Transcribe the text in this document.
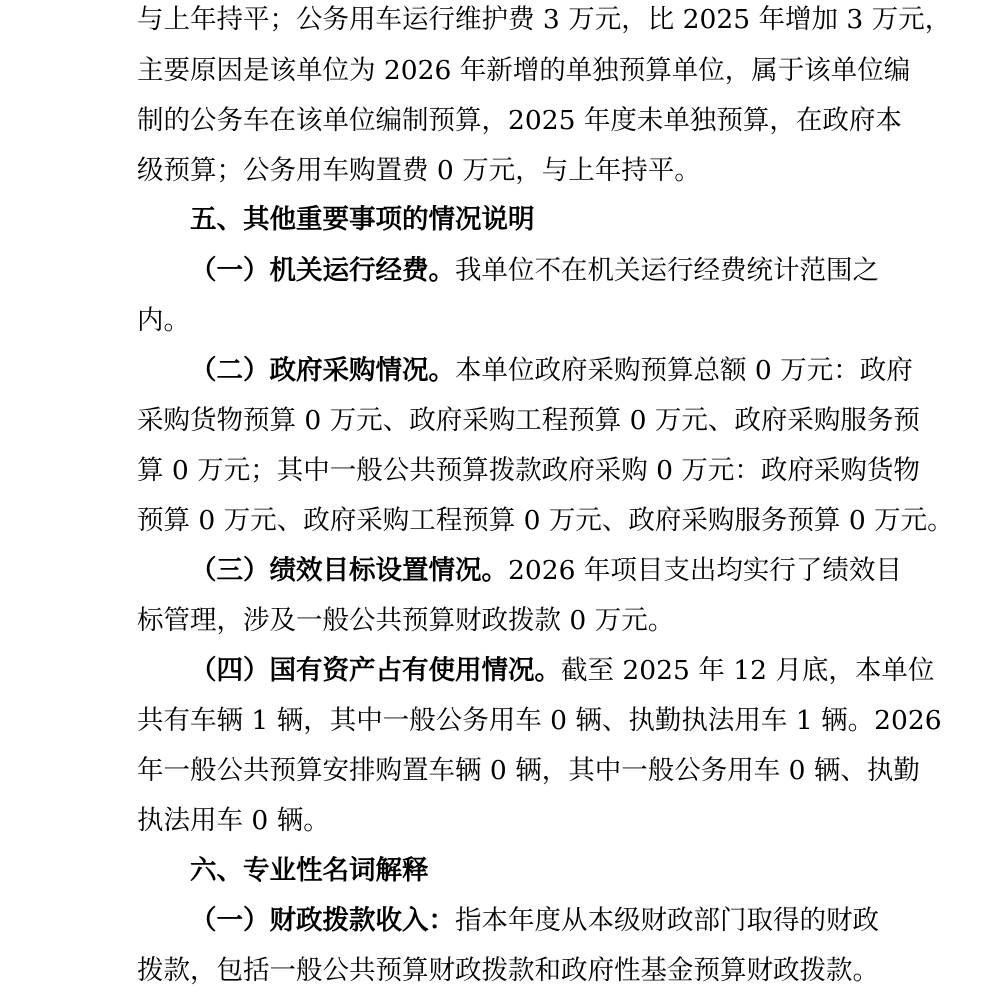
与上年持平；公务用车运行维护费 3 万元，比 2025 年增加 3 万元，

主要原因是该单位为 2026 年新增的单独预算单位，属于该单位编

制的公务车在该单位编制预算，2025 年度未单独预算，在政府本

级预算；公务用车购置费 0 万元，与上年持平。

五、其他重要事项的情况说明

（一）机关运行经费。我单位不在机关运行经费统计范围之

内。

（二）政府采购情况。本单位政府采购预算总额 0 万元：政府

采购货物预算 0 万元、政府采购工程预算 0 万元、政府采购服务预

算 0 万元；其中一般公共预算拨款政府采购 0 万元：政府采购货物

预算 0 万元、政府采购工程预算 0 万元、政府采购服务预算 0 万元。

（三）绩效目标设置情况。2026 年项目支出均实行了绩效目

标管理，涉及一般公共预算财政拨款 0 万元。

（四）国有资产占有使用情况。截至 2025 年 12 月底，本单位

共有车辆 1 辆，其中一般公务用车 0 辆、执勤执法用车 1 辆。2026

年一般公共预算安排购置车辆 0 辆，其中一般公务用车 0 辆、执勤

执法用车 0 辆。

六、专业性名词解释

（一）财政拨款收入：指本年度从本级财政部门取得的财政

拨款，包括一般公共预算财政拨款和政府性基金预算财政拨款。
